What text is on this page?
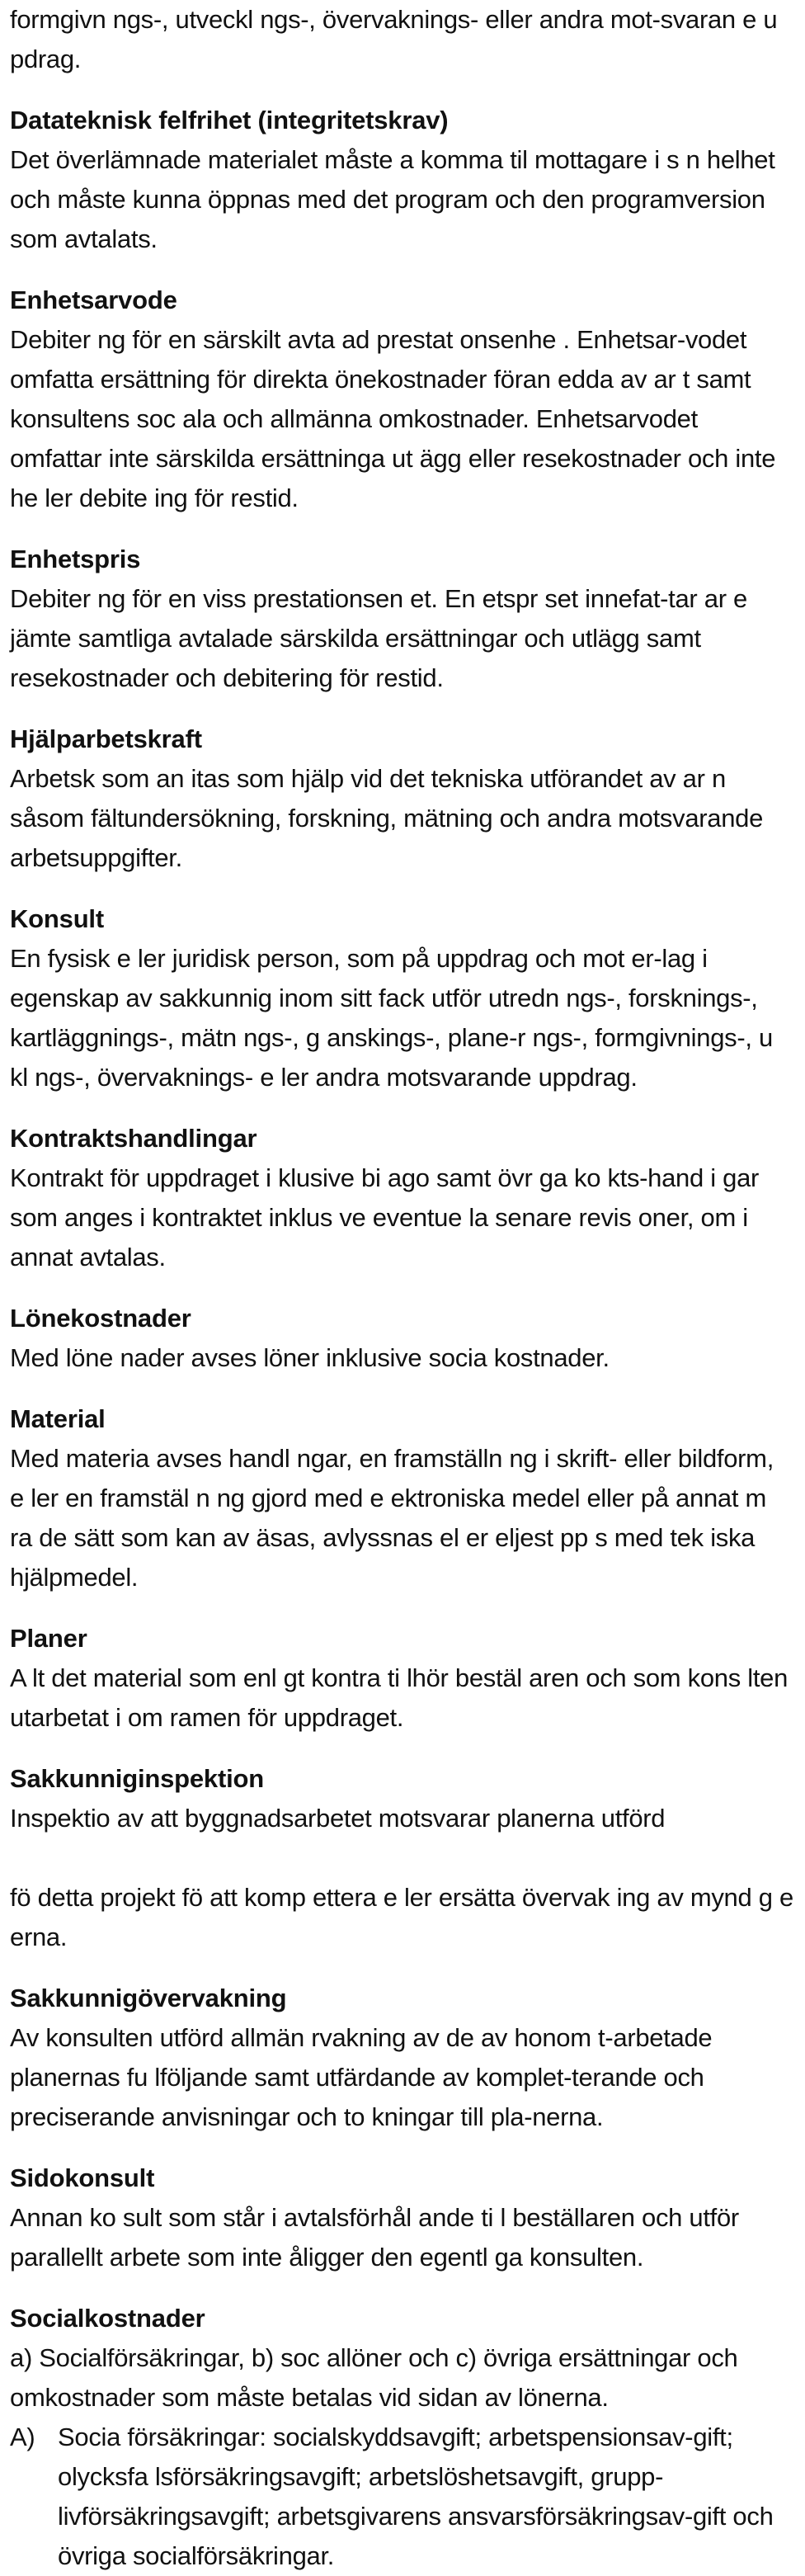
formgivn ngs-, utveckl ngs-, övervaknings- eller andra mot-svaran e u pdrag.

Datateknisk felfrihet (integritetskrav)

Det överlämnade materialet måste a komma til mottagare i s n helhet och måste kunna öppnas med det program och den programversion som avtalats.

Enhetsarvode

Debiter ng för en särskilt avta ad prestat onsenhe . Enhetsar-vodet omfatta ersättning för direkta önekostnader föran edda av ar t samt konsultens soc ala och allmänna omkostnader. Enhetsarvodet omfattar inte särskilda ersättninga ut ägg eller resekostnader och inte he ler debite ing för restid.

Enhetspris

Debiter ng för en viss prestationsen et. En etspr set innefat-tar ar e jämte samtliga avtalade särskilda ersättningar och utlägg samt resekostnader och debitering för restid.

Hjälparbetskraft

Arbetsk som an itas som hjälp vid det tekniska utförandet av ar n såsom fältundersökning, forskning, mätning och andra motsvarande arbetsuppgifter.

Konsult

En fysisk e ler juridisk person, som på uppdrag och mot er-lag i egenskap av sakkunnig inom sitt fack utför utredn ngs-, forsknings-, kartläggnings-, mätn ngs-, g anskings-, plane-r ngs-, formgivnings-, u kl ngs-, övervaknings- e ler andra motsvarande uppdrag.

Kontraktshandlingar

Kontrakt för uppdraget i klusive bi ago samt övr ga ko kts-hand i gar som anges i kontraktet inklus ve eventue la senare revis oner, om i annat avtalas.

Lönekostnader

Med löne nader avses löner inklusive socia kostnader.

Material

Med materia avses handl ngar, en framställn ng i skrift- eller bildform, e ler en framstäl n ng gjord med e ektroniska medel eller på annat m ra de sätt som kan av äsas, avlyssnas el er eljest pp s med tek iska hjälpmedel.

Planer

A lt det material som enl gt kontra ti lhör bestäl aren och som kons lten utarbetat i om ramen för uppdraget.

Sakkunniginspektion

Inspektio av att byggnadsarbetet motsvarar planerna utförd

fö detta projekt fö att komp ettera e ler ersätta övervak ing av mynd g e erna.

Sakkunnigövervakning

Av konsulten utförd allmän rvakning av de av honom t-arbetade planernas fu lföljande samt utfärdande av komplet-terande och preciserande anvisningar och to kningar till pla-nerna.

Sidokonsult

Annan ko sult som står i avtalsförhål ande ti l beställaren och utför parallellt arbete som inte åligger den egentl ga konsulten.

Socialkostnader

a) Socialförsäkringar, b) soc allöner och c) övriga ersättningar och omkostnader som måste betalas vid sidan av lönerna.

A) Socia försäkringar: socialskyddsavgift; arbetspensionsav-gift; olycksfa lsförsäkringsavgift; arbetslöshetsavgift, grupp-livförsäkringsavgift; arbetsgivarens ansvarsförsäkringsav-gift och övriga socialförsäkringar.
